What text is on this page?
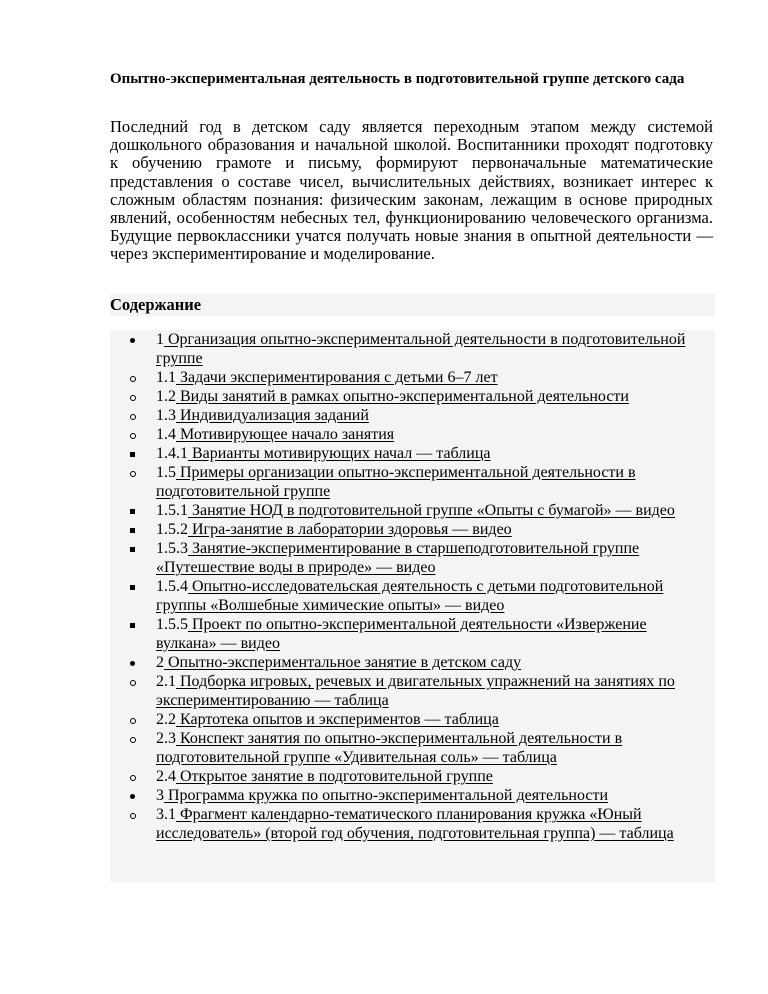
Опытно-экспериментальная деятельность в подготовительной группе детского сада

Последний год в детском саду является переходным этапом между системой дошкольного образования и начальной школой. Воспитанники проходят подготовку к обучению грамоте и письму, формируют первоначальные математические представления о составе чисел, вычислительных действиях, возникает интерес к сложным областям познания: физическим законам, лежащим в основе природных явлений, особенностям небесных тел, функционированию человеческого организма. Будущие первоклассники учатся получать новые знания в опытной деятельности — через экспериментирование и моделирование.

Содержание
1 Организация опытно-экспериментальной деятельности в подготовительной группе
1.1 Задачи экспериментирования с детьми 6–7 лет
1.2 Виды занятий в рамках опытно-экспериментальной деятельности
1.3 Индивидуализация заданий
1.4 Мотивирующее начало занятия
1.4.1 Варианты мотивирующих начал — таблица
1.5 Примеры организации опытно-экспериментальной деятельности в подготовительной группе
1.5.1 Занятие НОД в подготовительной группе «Опыты с бумагой» — видео
1.5.2 Игра-занятие в лаборатории здоровья — видео
1.5.3 Занятие-экспериментирование в старшеподготовительной группе «Путешествие воды в природе» — видео
1.5.4 Опытно-исследовательская деятельность с детьми подготовительной группы «Волшебные химические опыты» — видео
1.5.5 Проект по опытно-экспериментальной деятельности «Извержение вулкана» — видео
2 Опытно-экспериментальное занятие в детском саду
2.1 Подборка игровых, речевых и двигательных упражнений на занятиях по экспериментированию — таблица
2.2 Картотека опытов и экспериментов — таблица
2.3 Конспект занятия по опытно-экспериментальной деятельности в подготовительной группе «Удивительная соль» — таблица
2.4 Открытое занятие в подготовительной группе
3 Программа кружка по опытно-экспериментальной деятельности
3.1 Фрагмент календарно-тематического планирования кружка «Юный исследователь» (второй год обучения, подготовительная группа) — таблица
